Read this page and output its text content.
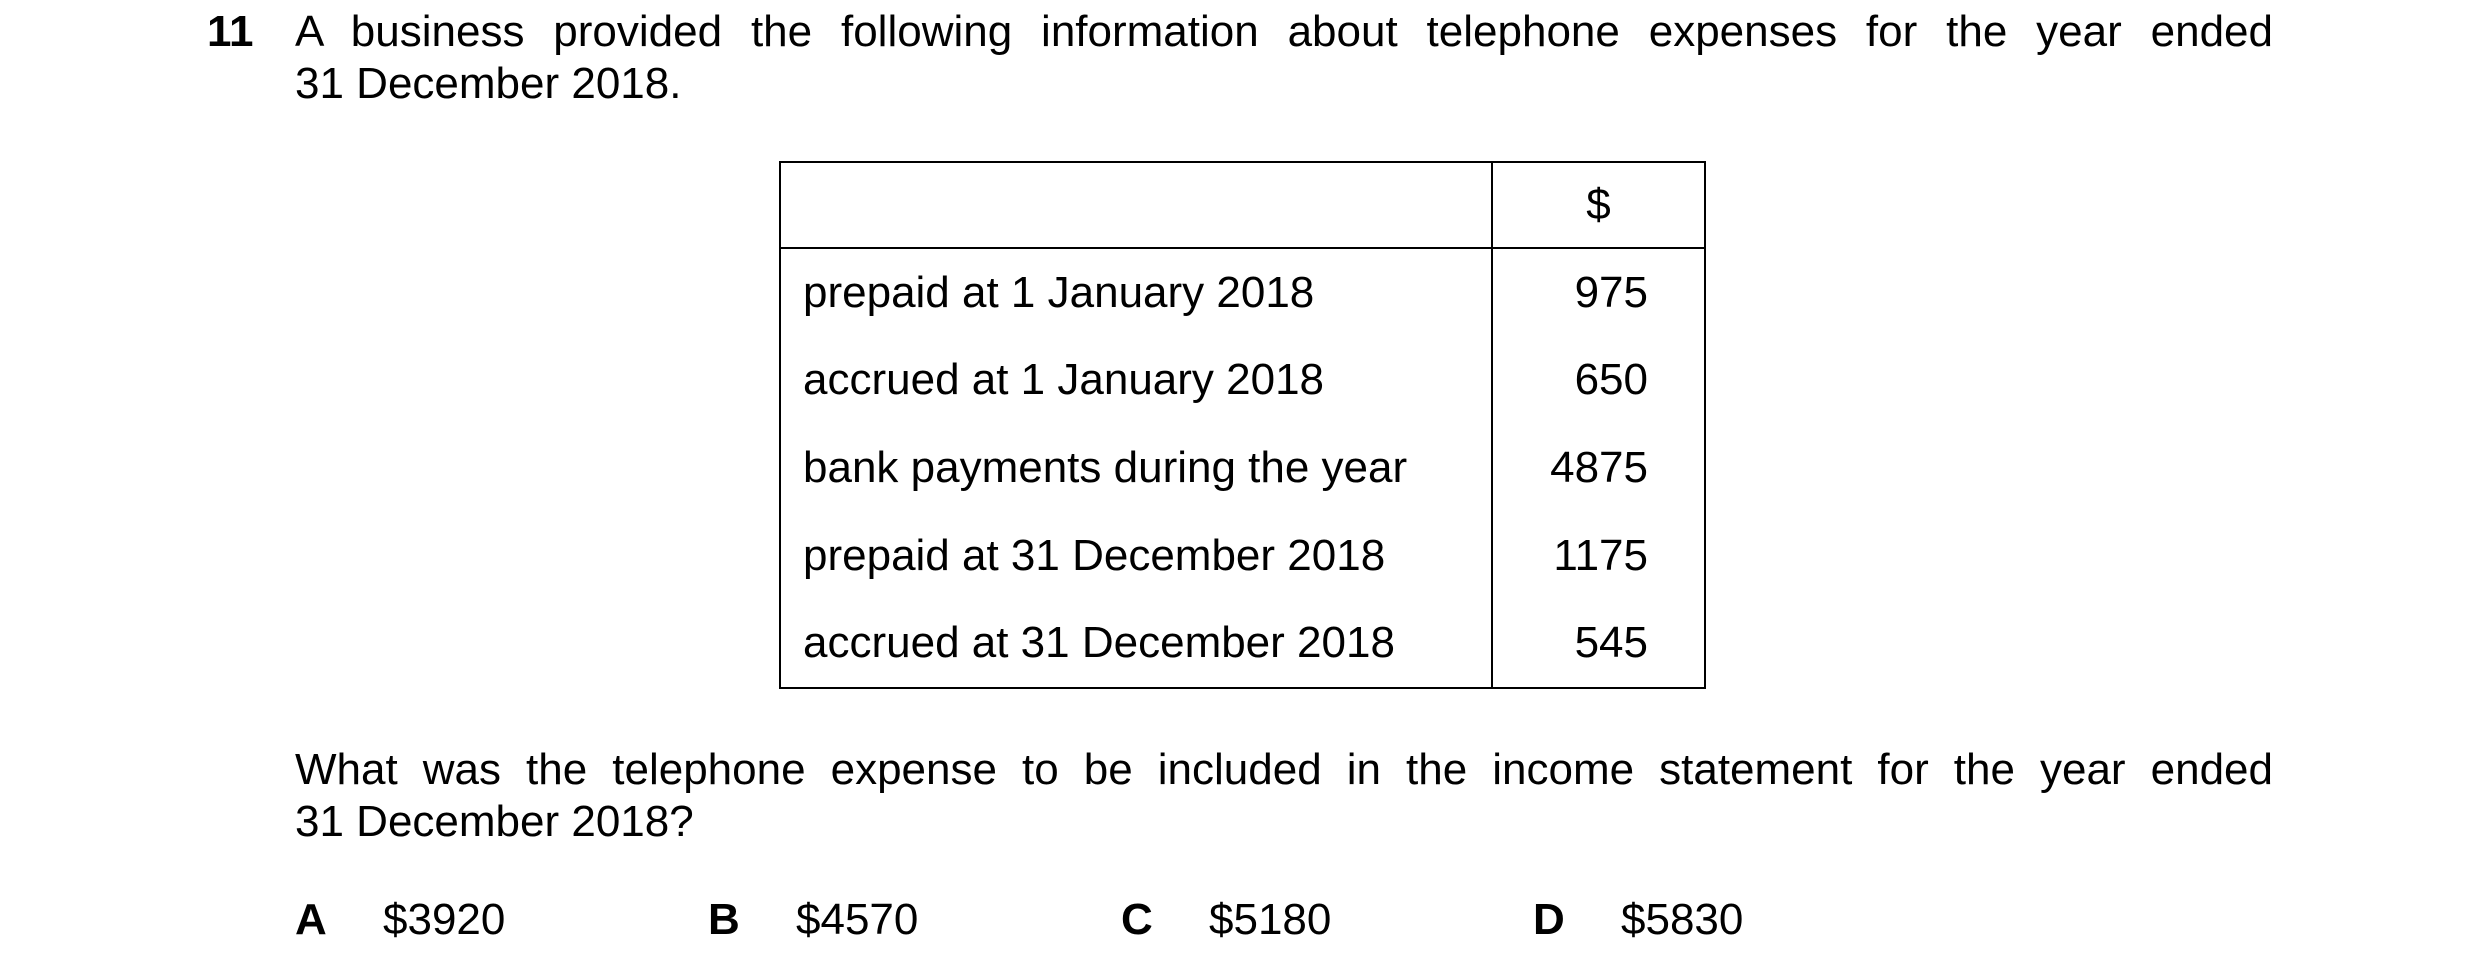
11 A business provided the following information about telephone expenses for the year ended
31 December 2018.
	$
prepaid at 1 January 2018	975
accrued at 1 January 2018	650
bank payments during the year	4875
prepaid at 31 December 2018	1175
accrued at 31 December 2018	545
What was the telephone expense to be included in the income statement for the year ended
31 December 2018?
A $3920	B $4570	C $5180	D $5830
